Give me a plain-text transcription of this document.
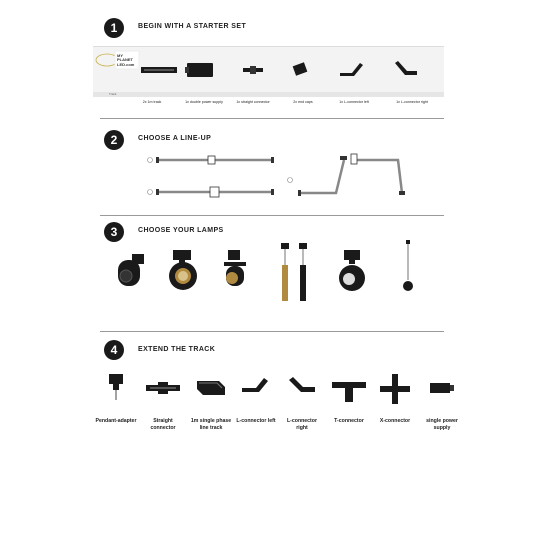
1	BEGIN WITH A STARTER SET
MY PLANET LED.com
Track
2x 1m track	1x double power supply	1x straight connector	2x end caps	1x L-connector left	1x L-connector right
2	CHOOSE A LINE-UP
3	CHOOSE YOUR LAMPS
4	EXTEND THE TRACK
Pendant-adapter	Straight connector
1m single phase line track
L-connector left	L-connector right
T-connector	X-connector	single power supply
